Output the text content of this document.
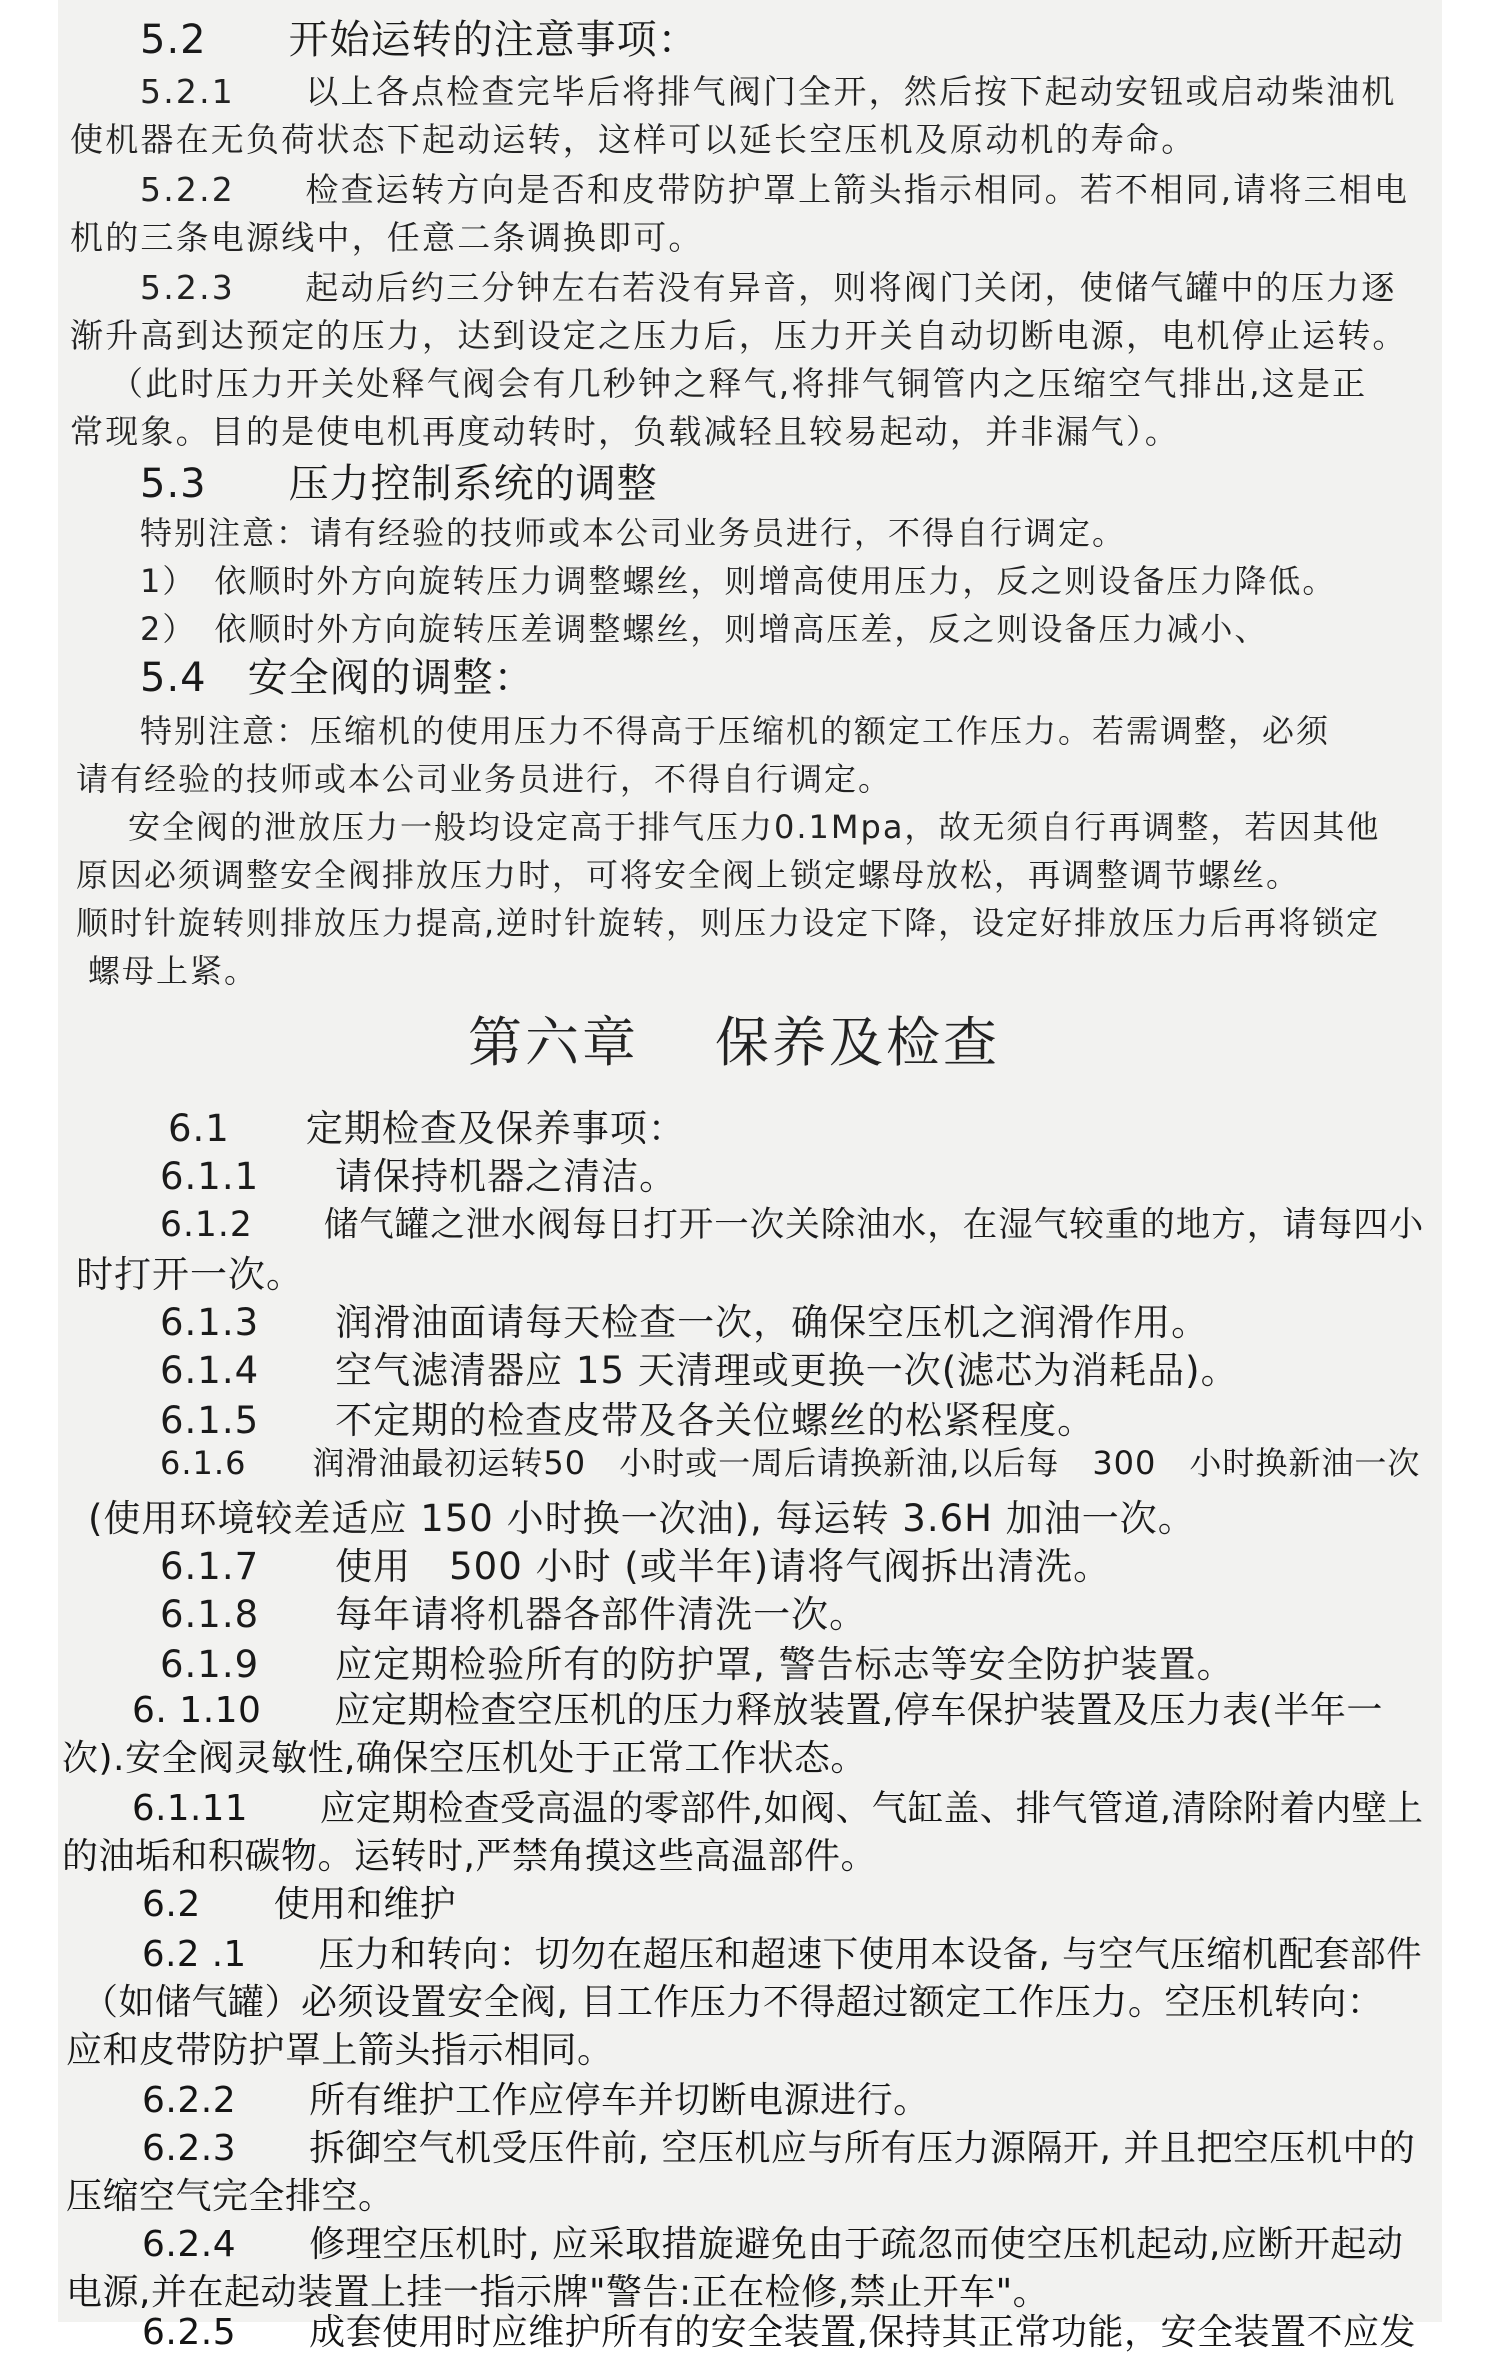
5.2　　开始运转的注意事项：
5.2.1　　以上各点检查完毕后将排气阀门全开，然后按下起动安钮或启动柴油机
使机器在无负荷状态下起动运转，这样可以延长空压机及原动机的寿命。
5.2.2　　检查运转方向是否和皮带防护罩上箭头指示相同。若不相同,请将三相电
机的三条电源线中，任意二条调换即可。
5.2.3　　起动后约三分钟左右若没有异音，则将阀门关闭，使储气罐中的压力逐
渐升高到达预定的压力，达到设定之压力后，压力开关自动切断电源，电机停止运转。
（此时压力开关处释气阀会有几秒钟之释气,将排气铜管内之压缩空气排出,这是正
常现象。目的是使电机再度动转时，负载减轻且较易起动，并非漏气）。
5.3　　压力控制系统的调整
特别注意：请有经验的技师或本公司业务员进行，不得自行调定。
1）　依顺时外方向旋转压力调整螺丝，则增高使用压力，反之则设备压力降低。
2）　依顺时外方向旋转压差调整螺丝，则增高压差，反之则设备压力减小、
5.4　安全阀的调整：
特别注意：压缩机的使用压力不得高于压缩机的额定工作压力。若需调整，必须
请有经验的技师或本公司业务员进行，不得自行调定。
安全阀的泄放压力一般均设定高于排气压力0.1Mpa，故无须自行再调整，若因其他
原因必须调整安全阀排放压力时，可将安全阀上锁定螺母放松，再调整调节螺丝。
顺时针旋转则排放压力提高,逆时针旋转，则压力设定下降，设定好排放压力后再将锁定
螺母上紧。
第六章 保养及检查
6.1　　定期检查及保养事项：
6.1.1　　请保持机器之清洁。
6.1.2　　储气罐之泄水阀每日打开一次关除油水，在湿气较重的地方，请每四小
时打开一次。
6.1.3　　润滑油面请每天检查一次，确保空压机之润滑作用。
6.1.4　　空气滤清器应 15 天清理或更换一次(滤芯为消耗品)。
6.1.5　　不定期的检查皮带及各关位螺丝的松紧程度。
6.1.6　　润滑油最初运转50　小时或一周后请换新油,以后每　300　小时换新油一次
(使用环境较差适应 150 小时换一次油), 每运转 3.6H 加油一次。
6.1.7　　使用　500 小时 (或半年)请将气阀拆出清洗。
6.1.8　　每年请将机器各部件清洗一次。
6.1.9　　应定期检验所有的防护罩, 警告标志等安全防护装置。
6. 1.10　　应定期检查空压机的压力释放装置,停车保护装置及压力表(半年一
次).安全阀灵敏性,确保空压机处于正常工作状态。
6.1.11　　应定期检查受高温的零部件,如阀、气缸盖、排气管道,清除附着内壁上
的油垢和积碳物。运转时,严禁角摸这些高温部件。
6.2　　使用和维护
6.2 .1　　压力和转向：切勿在超压和超速下使用本设备, 与空气压缩机配套部件
（如储气罐）必须设置安全阀, 目工作压力不得超过额定工作压力。空压机转向：
应和皮带防护罩上箭头指示相同。
6.2.2　　所有维护工作应停车并切断电源进行。
6.2.3　　拆御空气机受压件前, 空压机应与所有压力源隔开, 并且把空压机中的
压缩空气完全排空。
6.2.4　　修理空压机时, 应采取措旋避免由于疏忽而使空压机起动,应断开起动
电源,并在起动装置上挂一指示牌"警告:正在检修,禁止开车"。
6.2.5　　成套使用时应维护所有的安全装置,保持其正常功能，安全装置不应发
